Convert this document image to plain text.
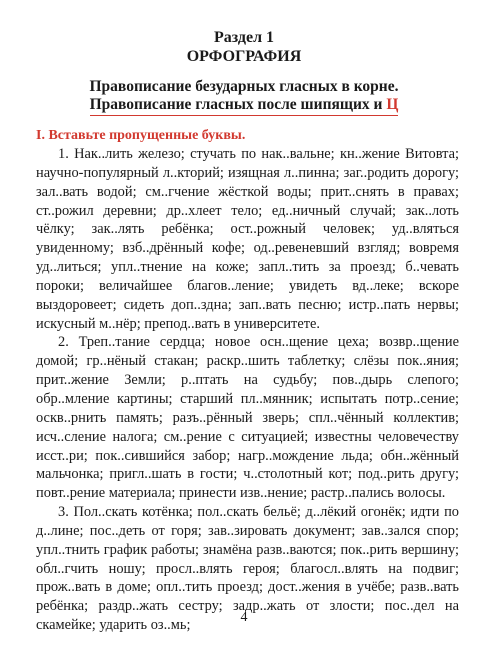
Раздел 1
ОРФОГРАФИЯ
Правописание безударных гласных в корне.
Правописание гласных после шипящих и Ц
I. Вставьте пропущенные буквы.

1. Нак..лить железо; стучать по нак..вальне; кн..жение Витовта; научно-популярный л..кторий; изящная л..пинна; заг..родить дорогу; зал..вать водой; см..гчение жёсткой воды; прит..снять в правах; ст..рожил деревни; др..хлеет тело; ед..ничный случай; зак..лоть чёлку; зак..лять ребёнка; ост..рожный человек; уд..вляться увиденному; взб..дрённый кофе; од..ревеневший взгляд; вовремя уд..литься; упл..тнение на коже; запл..тить за проезд; б..чевать пороки; величайшее благов..ление; увидеть вд..леке; вскоре выздоровеет; сидеть доп..здна; зап..вать песню; истр..пать нервы; искусный м..нёр; препод..вать в университете.

2. Треп..тание сердца; новое осн..щение цеха; возвр..щение домой; гр..нёный стакан; раскр..шить таблетку; слёзы пок..яния; прит..жение Земли; р..птать на судьбу; пов..дырь слепого; обр..мление картины; старший пл..мянник; испытать потр..сение; оскв..рнить память; разъ..рённый зверь; спл..чённый коллектив; исч..сление налога; см..рение с ситуацией; известны человечеству исст..ри; пок..сившийся забор; нагр..мождение льда; обн..жённый мальчонка; пригл..шать в гости; ч..столотный кот; под..рить другу; повт..рение материала; принести изв..нение; растр..пались волосы.

3. Пол..скать котёнка; пол..скать бельё; д..лёкий огонёк; идти по д..лине; пос..деть от горя; зав..зировать документ; зав..зался спор; упл..тнить график работы; знамёна разв..ваются; пок..рить вершину; обл..гчить ношу; просл..влять героя; благосл..влять на подвиг; прож..вать в доме; опл..тить проезд; дост..жения в учёбе; разв..вать ребёнка; раздр..жать сестру; задр..жать от злости; пос..дел на скамейке; ударить оз..мь;	4
